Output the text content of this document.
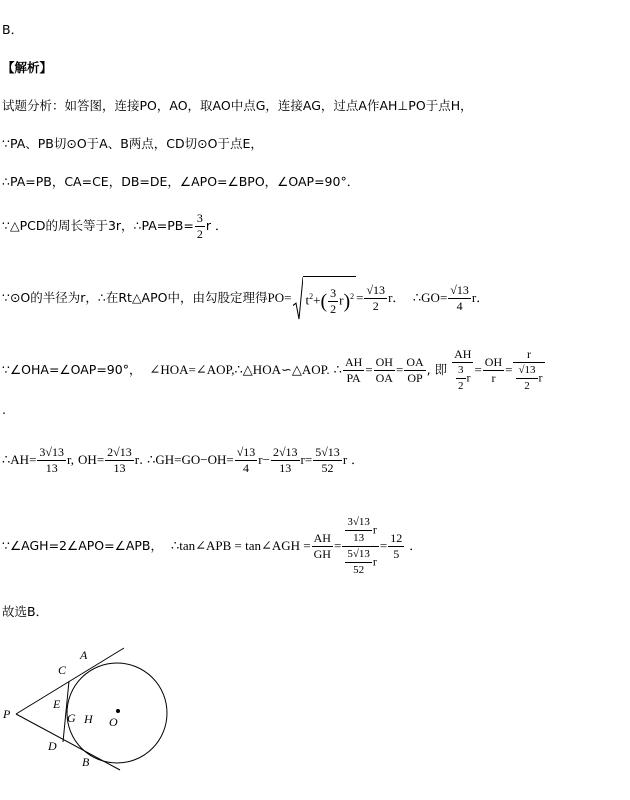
B．
【解析】
试题分析：如答图，连接PO，AO，取AO中点G，连接AG，过点A作AH⊥PO于点H，
∵PA、PB切⊙O于A、B两点，CD切⊙O于点E，
∴PA=PB，CA=CE，DB=DE，∠APO=∠BPO，∠OAP=90°．
∵△PCD的周长等于3r，∴PA=PB= $\frac{3}{2}$ r ．
∵⊙O的半径为r，∴在Rt△APO中，由勾股定理得$PO= t^2+( \frac{3}{2} r)^2 = \frac{√13}{2}$ r． ∴GO= $\frac{√13}{4}$ r．
∵∠OHA=∠OAP=90°， ∠HOA=∠AOP,∴△HOA∽△AOP. ∴ $\frac{AH}{PA} = \frac{OH}{OA} = \frac{OA}{OP}$ , 即 $\frac{AH}{\frac{3}{2} r} = \frac{OH}{r} = \frac{r}{\frac{√13}{2} r}$
.
∴AH= $\frac{3√13}{13} r$, $OH= \frac{2√13}{13} r$. ∴GH=GO−OH= $\frac{√13}{4} r- \frac{2√13}{13} r= \frac{5√13}{52}$ r ．
∵∠AGH=2∠APO=∠APB， ∴tan∠APB = tan∠AGH = $\frac{AH}{GH} = \frac{\frac{3√13}{13} r}{\frac{5√13}{52} r} = \frac{12}{5}$ ．
故选B．
A
C
E
P	G H O
D
B
